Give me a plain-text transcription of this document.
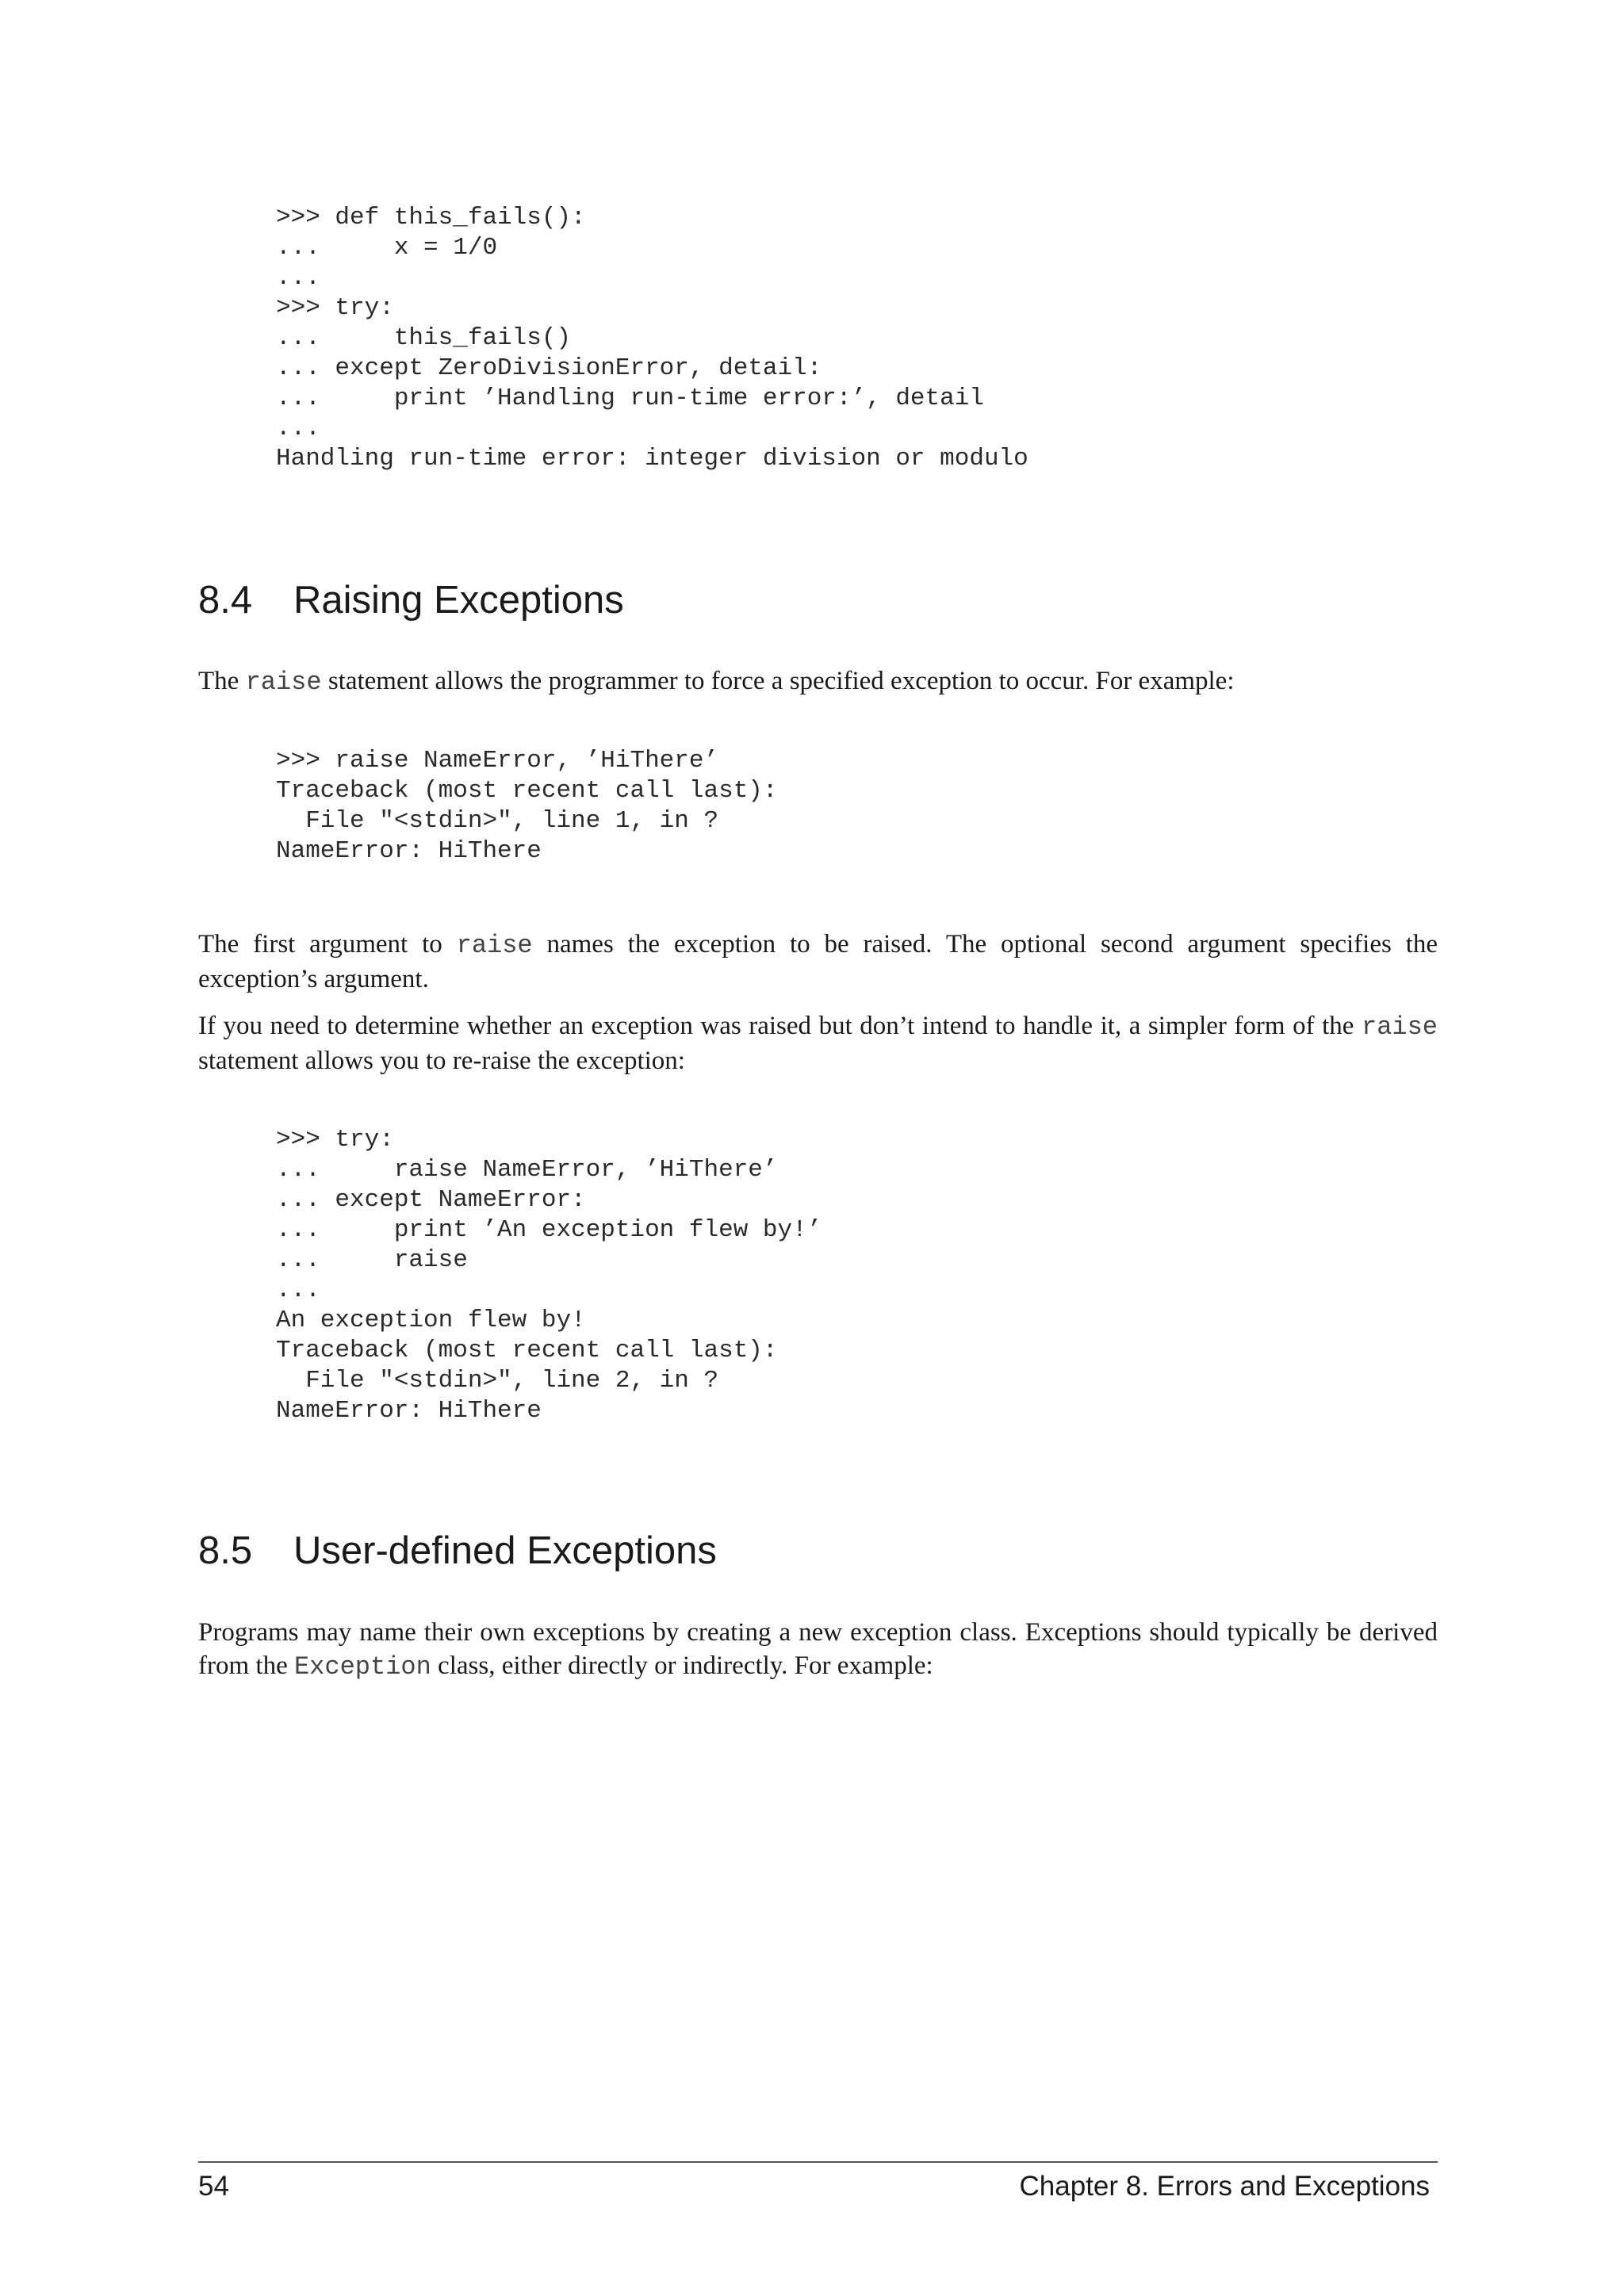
>>> def this_fails():
...     x = 1/0
...
>>> try:
...     this_fails()
... except ZeroDivisionError, detail:
...     print ’Handling run-time error:’, detail
...
Handling run-time error: integer division or modulo
8.4 Raising Exceptions

The raise statement allows the programmer to force a specified exception to occur. For example:

>>> raise NameError, ’HiThere’
Traceback (most recent call last):
File "<stdin>", line 1, in ?
NameError: HiThere

The first argument to raise names the exception to be raised. The optional second argument specifies the exception’s argument.

If you need to determine whether an exception was raised but don’t intend to handle it, a simpler form of the raise statement allows you to re-raise the exception:

>>> try:
...     raise NameError, ’HiThere’
... except NameError:
...     print ’An exception flew by!’
...     raise
...
An exception flew by!
Traceback (most recent call last):
File "<stdin>", line 2, in ?
NameError: HiThere
8.5 User-defined Exceptions

Programs may name their own exceptions by creating a new exception class. Exceptions should typically be derived from the Exception class, either directly or indirectly. For example:

54	Chapter 8. Errors and Exceptions
